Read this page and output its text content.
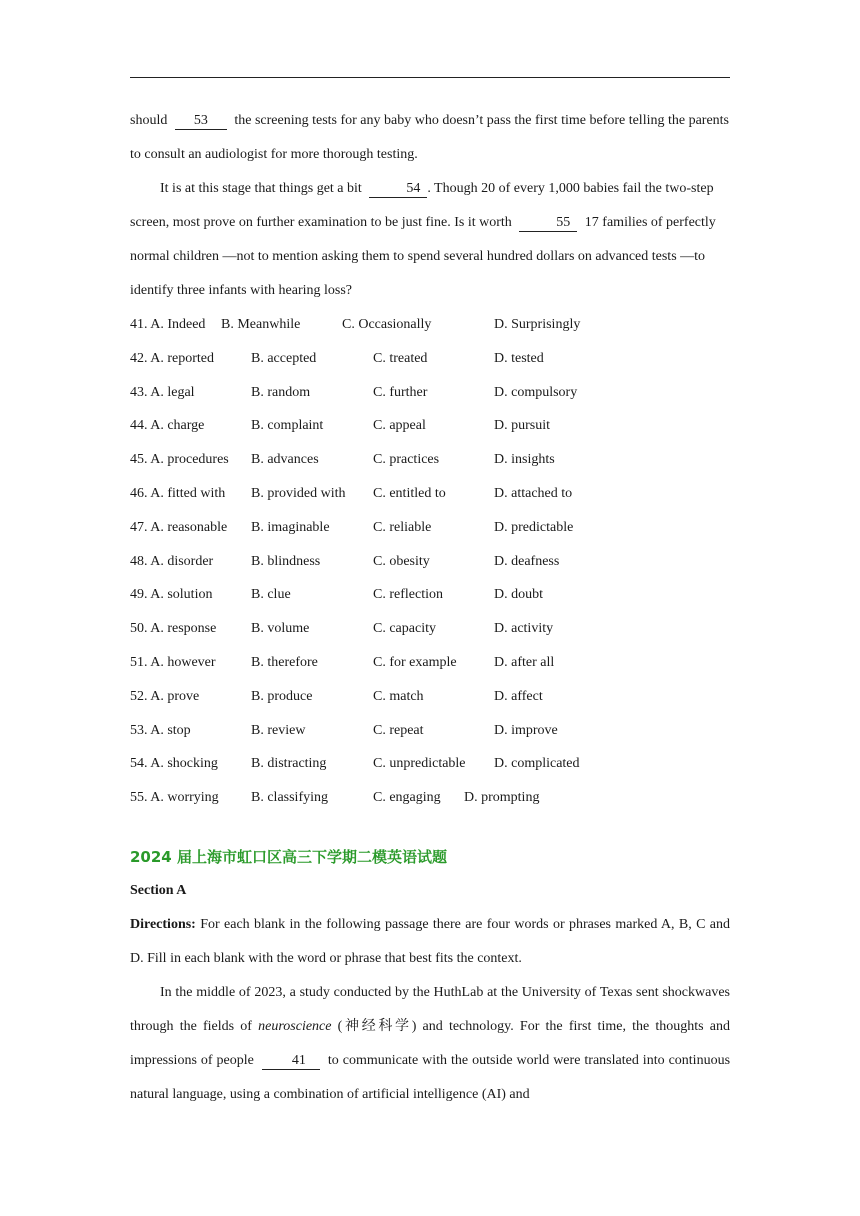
should 53 the screening tests for any baby who doesn’t pass the first time before telling the parents to consult an audiologist for more thorough testing.

It is at this stage that things get a bit	54 . Though 20 of every 1,000 babies fail the two-step screen, most prove on further examination to be just fine. Is it worth	55 17 families of perfectly normal children —not to mention asking them to spend several hundred dollars on advanced tests —to identify three infants with hearing loss?

41. A. Indeed B. Meanwhile	C. Occasionally	D. Surprisingly
42. A. reported	B. accepted	C. treated	D. tested
43. A. legal	B. random	C. further	D. compulsory
44. A. charge	B. complaint	C. appeal	D. pursuit
45. A. procedures B. advances	C. practices	D. insights
46. A. fitted with B. provided with C. entitled to	D. attached to
47. A. reasonable B. imaginable	C. reliable	D. predictable
48. A. disorder	B. blindness	C. obesity	D. deafness
49. A. solution	B. clue	C. reflection	D. doubt
50. A. response B. volume	C. capacity	D. activity
51. A. however	B. therefore	C. for example	D. after all
52. A. prove	B. produce	C. match	D. affect
53. A. stop	B. review	C. repeat	D. improve
54. A. shocking B. distracting	C. unpredictable D. complicated
55. A. worrying B. classifying	C. engaging D. prompting
2024 届上海市虹口区高三下学期二模英语试题

Section A

Directions: For each blank in the following passage there are four words or phrases marked A, B, C and D. Fill in each blank with the word or phrase that best fits the context.

In the middle of 2023, a study conducted by the HuthLab at the University of Texas sent shockwaves through the fields of neuroscience (神经科学) and technology. For the first time, the thoughts and impressions of people	41 to communicate with the outside world were translated into continuous natural language, using a combination of artificial intelligence (AI) and
